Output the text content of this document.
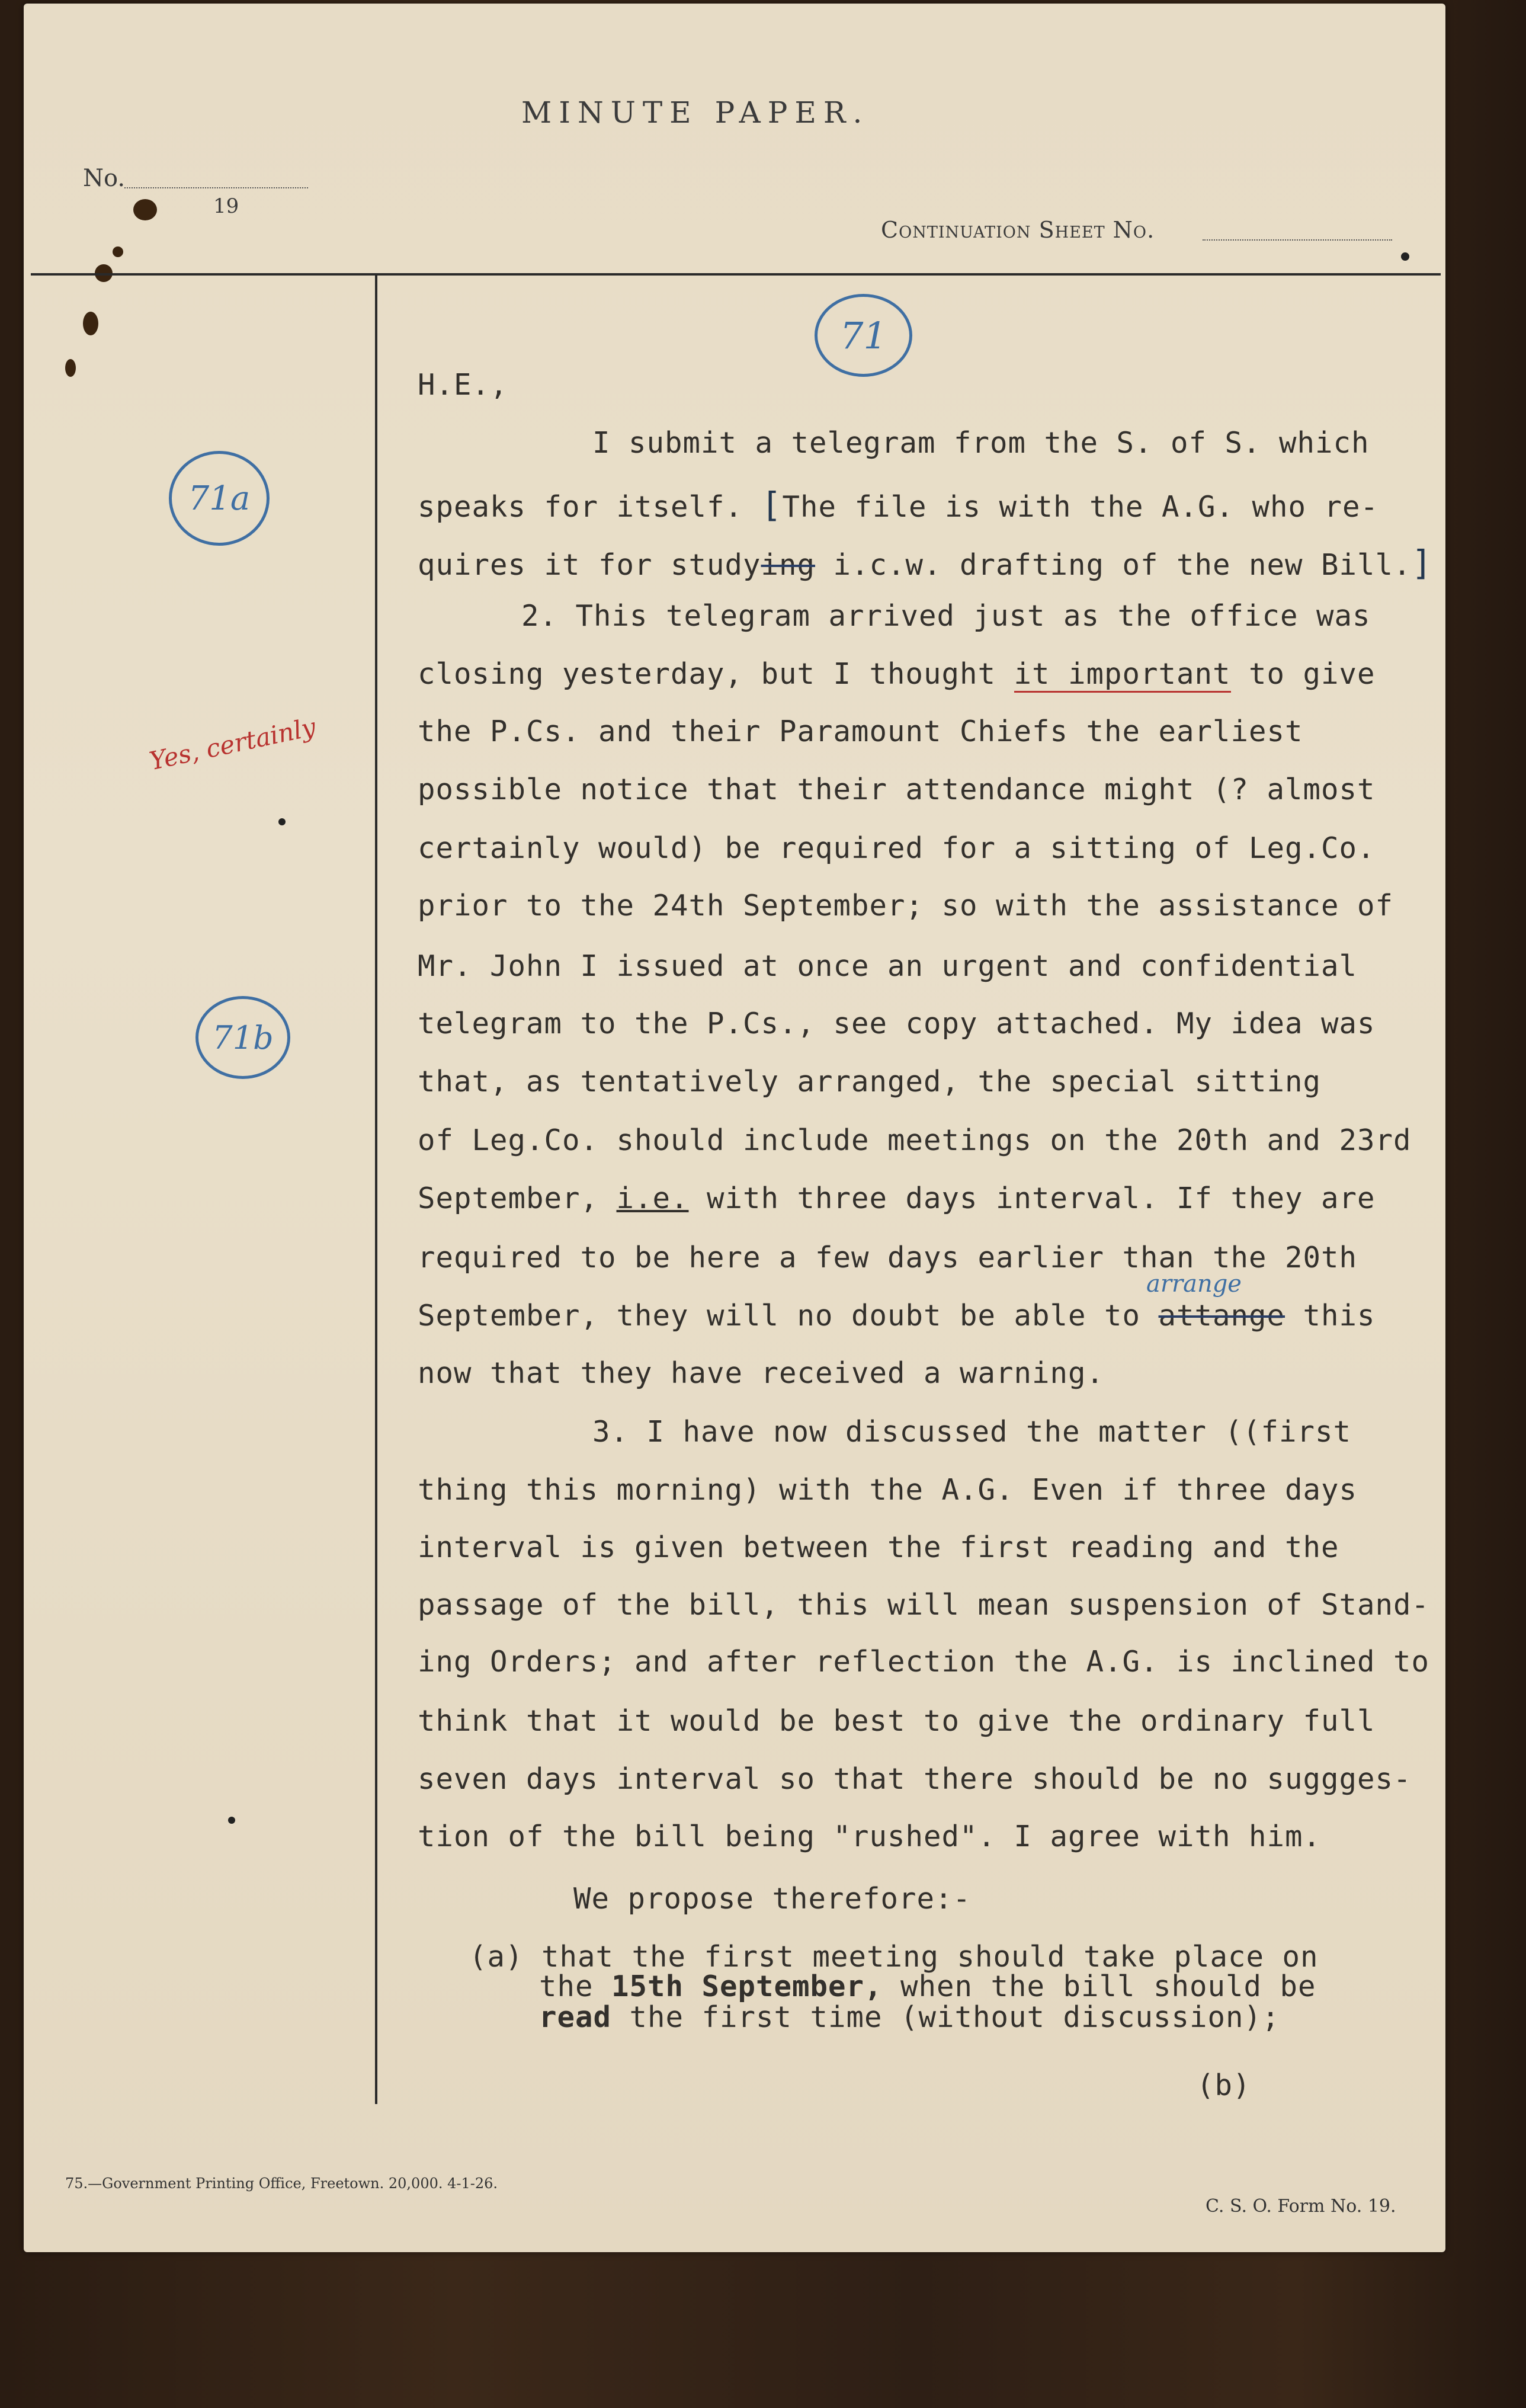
MINUTE PAPER.
No.
19
Continuation Sheet No.
71
71a
71b
Yes, certainly
H.E.,
I submit a telegram from the S. of S. which
speaks for itself. [The file is with the A.G. who re-
quires it for studying i.c.w. drafting of the new Bill.]
2. This telegram arrived just as the office was
closing yesterday, but I thought it important to give
the P.Cs. and their Paramount Chiefs the earliest
possible notice that their attendance might (? almost
certainly would) be required for a sitting of Leg.Co.
prior to the 24th September; so with the assistance of
Mr. John I issued at once an urgent and confidential
telegram to the P.Cs., see copy attached. My idea was
that, as tentatively arranged, the special sitting
of Leg.Co. should include meetings on the 20th and 23rd
September, i.e. with three days interval. If they are
required to be here a few days earlier than the 20th
arrange
September, they will no doubt be able to attange this
now that they have received a warning.
3. I have now discussed the matter ((first
thing this morning) with the A.G. Even if three days
interval is given between the first reading and the
passage of the bill, this will mean suspension of Stand-
ing Orders; and after reflection the A.G. is inclined to
think that it would be best to give the ordinary full
seven days interval so that there should be no suggges-
tion of the bill being "rushed". I agree with him.
We propose therefore:-
(a) that the first meeting should take place on
the 15th September, when the bill should be
read the first time (without discussion);
(b)
75.—Government Printing Office, Freetown. 20,000. 4-1-26.
C. S. O. Form No. 19.
